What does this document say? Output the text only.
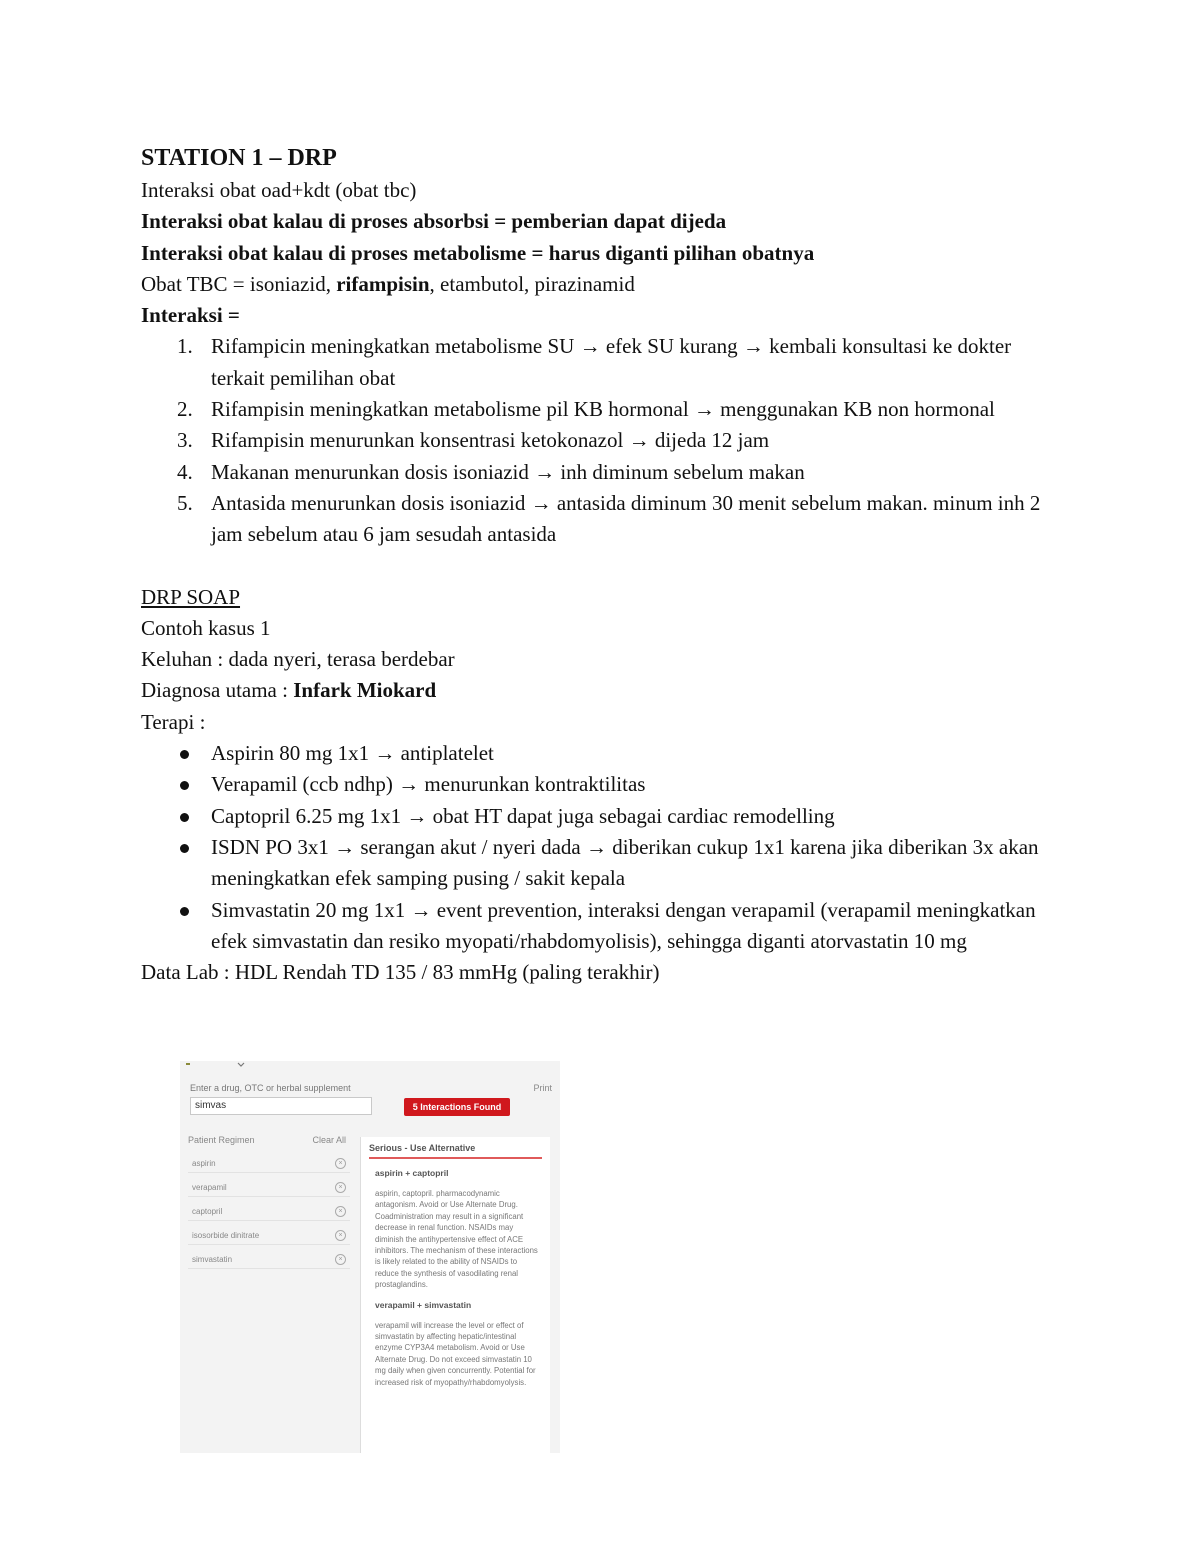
STATION 1 – DRP
Interaksi obat oad+kdt (obat tbc)
Interaksi obat kalau di proses absorbsi = pemberian dapat dijeda
Interaksi obat kalau di proses metabolisme = harus diganti pilihan obatnya
Obat TBC = isoniazid, rifampisin, etambutol, pirazinamid
Interaksi =
1. Rifampicin meningkatkan metabolisme SU → efek SU kurang → kembali konsultasi ke dokter terkait pemilihan obat
2. Rifampisin meningkatkan metabolisme pil KB hormonal → menggunakan KB non hormonal
3. Rifampisin menurunkan konsentrasi ketokonazol → dijeda 12 jam
4. Makanan menurunkan dosis isoniazid → inh diminum sebelum makan
5. Antasida menurunkan dosis isoniazid → antasida diminum 30 menit sebelum makan. minum inh 2 jam sebelum atau 6 jam sesudah antasida
DRP SOAP
Contoh kasus 1
Keluhan : dada nyeri, terasa berdebar
Diagnosa utama : Infark Miokard
Terapi :
Aspirin 80 mg 1x1 → antiplatelet
Verapamil (ccb ndhp) → menurunkan kontraktilitas
Captopril 6.25 mg 1x1 → obat HT dapat juga sebagai cardiac remodelling
ISDN PO 3x1 → serangan akut / nyeri dada → diberikan cukup 1x1 karena jika diberikan 3x akan meningkatkan efek samping pusing / sakit kepala
Simvastatin 20 mg 1x1 → event prevention, interaksi dengan verapamil (verapamil meningkatkan efek simvastatin dan resiko myopati/rhabdomyolisis), sehingga diganti atorvastatin 10 mg
Data Lab : HDL Rendah TD 135 / 83 mmHg (paling terakhir)
Enter a drug, OTC or herbal supplement	Print
simvas	5 Interactions Found
Patient Regimen	Clear All
aspirin	×
verapamil	×
captopril	×
isosorbide dinitrate	×
simvastatin	×
Serious - Use Alternative
aspirin + captopril
aspirin, captopril. pharmacodynamic antagonism. Avoid or Use Alternate Drug. Coadministration may result in a significant decrease in renal function. NSAIDs may diminish the antihypertensive effect of ACE inhibitors. The mechanism of these interactions is likely related to the ability of NSAIDs to reduce the synthesis of vasodilating renal prostaglandins.
verapamil + simvastatin
verapamil will increase the level or effect of simvastatin by affecting hepatic/intestinal enzyme CYP3A4 metabolism. Avoid or Use Alternate Drug. Do not exceed simvastatin 10 mg daily when given concurrently. Potential for increased risk of myopathy/rhabdomyolysis.
